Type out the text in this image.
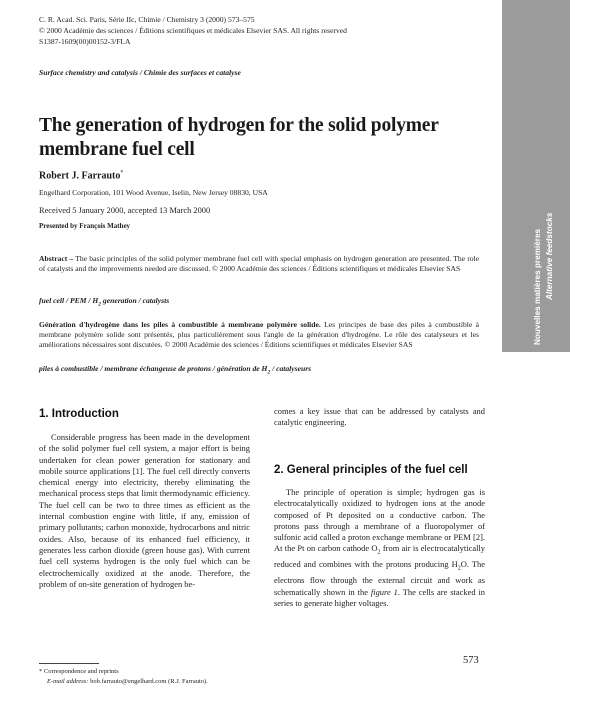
C. R. Acad. Sci. Paris, Série IIc, Chimie / Chemistry 3 (2000) 573–575
© 2000 Académie des sciences / Éditions scientifiques et médicales Elsevier SAS. All rights reserved
S1387-1609(00)00152-3/FLA
Surface chemistry and catalysis / Chimie des surfaces et catalyse
The generation of hydrogen for the solid polymer membrane fuel cell
Robert J. Farrauto*
Engelhard Corporation, 101 Wood Avenue, Iselin, New Jersey 08830, USA
Received 5 January 2000, accepted 13 March 2000
Presented by François Mathey
Abstract – The basic principles of the solid polymer membrane fuel cell with special emphasis on hydrogen generation are presented. The role of catalysts and the improvements needed are discussed. © 2000 Académie des sciences / Éditions scientifiques et médicales Elsevier SAS
fuel cell / PEM / $H_2$ generation / catalysts
Génération d'hydrogène dans les piles à combustible à membrane polymère solide. Les principes de base des piles à combustible à membrane polymère solide sont présentés, plus particulièrement sous l'angle de la génération d'hydrogène. Le rôle des catalyseurs et les améliorations nécessaires sont discutées. © 2000 Académie des sciences / Éditions scientifiques et médicales Elsevier SAS
piles à combustible / membrane échangeuse de protons / génération de $H_2$ / catalyseurs
Nouvelles matières premières Alternative feedstocks
1. Introduction

Considerable progress has been made in the development of the solid polymer fuel cell system, a major effort is being undertaken for clean power generation for stationary and mobile source applications [1]. The fuel cell directly converts chemical energy into electricity, thereby eliminating the mechanical process steps that limit thermodynamic efficiency. The fuel cell can be two to three times as efficient as the internal combustion engine with little, if any, emission of primary pollutants; carbon monoxide, hydrocarbons and nitric oxides. Also, because of its enhanced fuel efficiency, it generates less carbon dioxide (green house gas). With current fuel cell systems hydrogen is the only fuel which can be electrochemically oxidized at the anode. Therefore, the problem of on-site generation of hydrogen be-

comes a key issue that can be addressed by catalysts and catalytic engineering.
2. General principles of the fuel cell

The principle of operation is simple; hydrogen gas is electrocatalytically oxidized to hydrogen ions at the anode composed of Pt deposited on a conductive carbon. The protons pass through a membrane of a fluoropolymer of sulfonic acid called a proton exchange membrane or PEM [2]. At the Pt on carbon cathode $O_2$ from air is electrocatalytically reduced and combines with the protons producing $H_2O$. The electrons flow through the external circuit and work as schematically shown in the figure 1. The cells are stacked in series to generate higher voltages.

* Correspondence and reprints
E-mail address: bob.farrauto@engelhard.com (R.J. Farrauto).
573
